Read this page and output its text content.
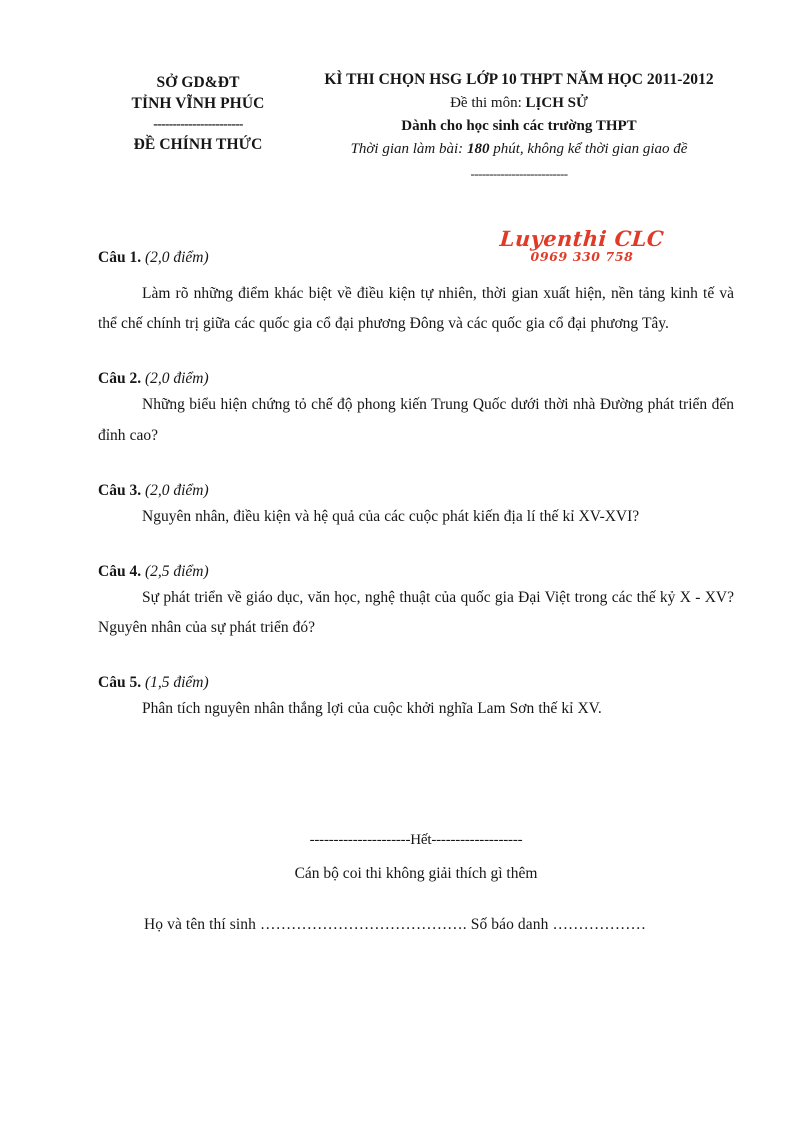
SỞ GD&ĐT
TỈNH VĨNH PHÚC
-----------------------
ĐỀ CHÍNH THỨC
KÌ THI CHỌN HSG LỚP 10 THPT NĂM HỌC 2011-2012
Đề thi môn: LỊCH SỬ
Dành cho học sinh các trường THPT
Thời gian làm bài: 180 phút, không kể thời gian giao đề
--------------------------
Luyenthi CLC
0969 330 758

Câu 1. (2,0 điểm)

Làm rõ những điểm khác biệt về điều kiện tự nhiên, thời gian xuất hiện, nền tảng kinh tế và thể chế chính trị giữa các quốc gia cổ đại phương Đông và các quốc gia cổ đại phương Tây.

Câu 2. (2,0 điểm)

Những biểu hiện chứng tỏ chế độ phong kiến Trung Quốc dưới thời nhà Đường phát triển đến đỉnh cao?

Câu 3. (2,0 điểm)

Nguyên nhân, điều kiện và hệ quả của các cuộc phát kiến địa lí thế kỉ XV-XVI?

Câu 4. (2,5 điểm)

Sự phát triển về giáo dục, văn học, nghệ thuật của quốc gia Đại Việt trong các thế kỷ X - XV? Nguyên nhân của sự phát triển đó?

Câu 5. (1,5 điểm)

Phân tích nguyên nhân thắng lợi của cuộc khởi nghĩa Lam Sơn thế kỉ XV.

---------------------Hết-------------------
Cán bộ coi thi không giải thích gì thêm
Họ và tên thí sinh …………………………………. Số báo danh ………………
